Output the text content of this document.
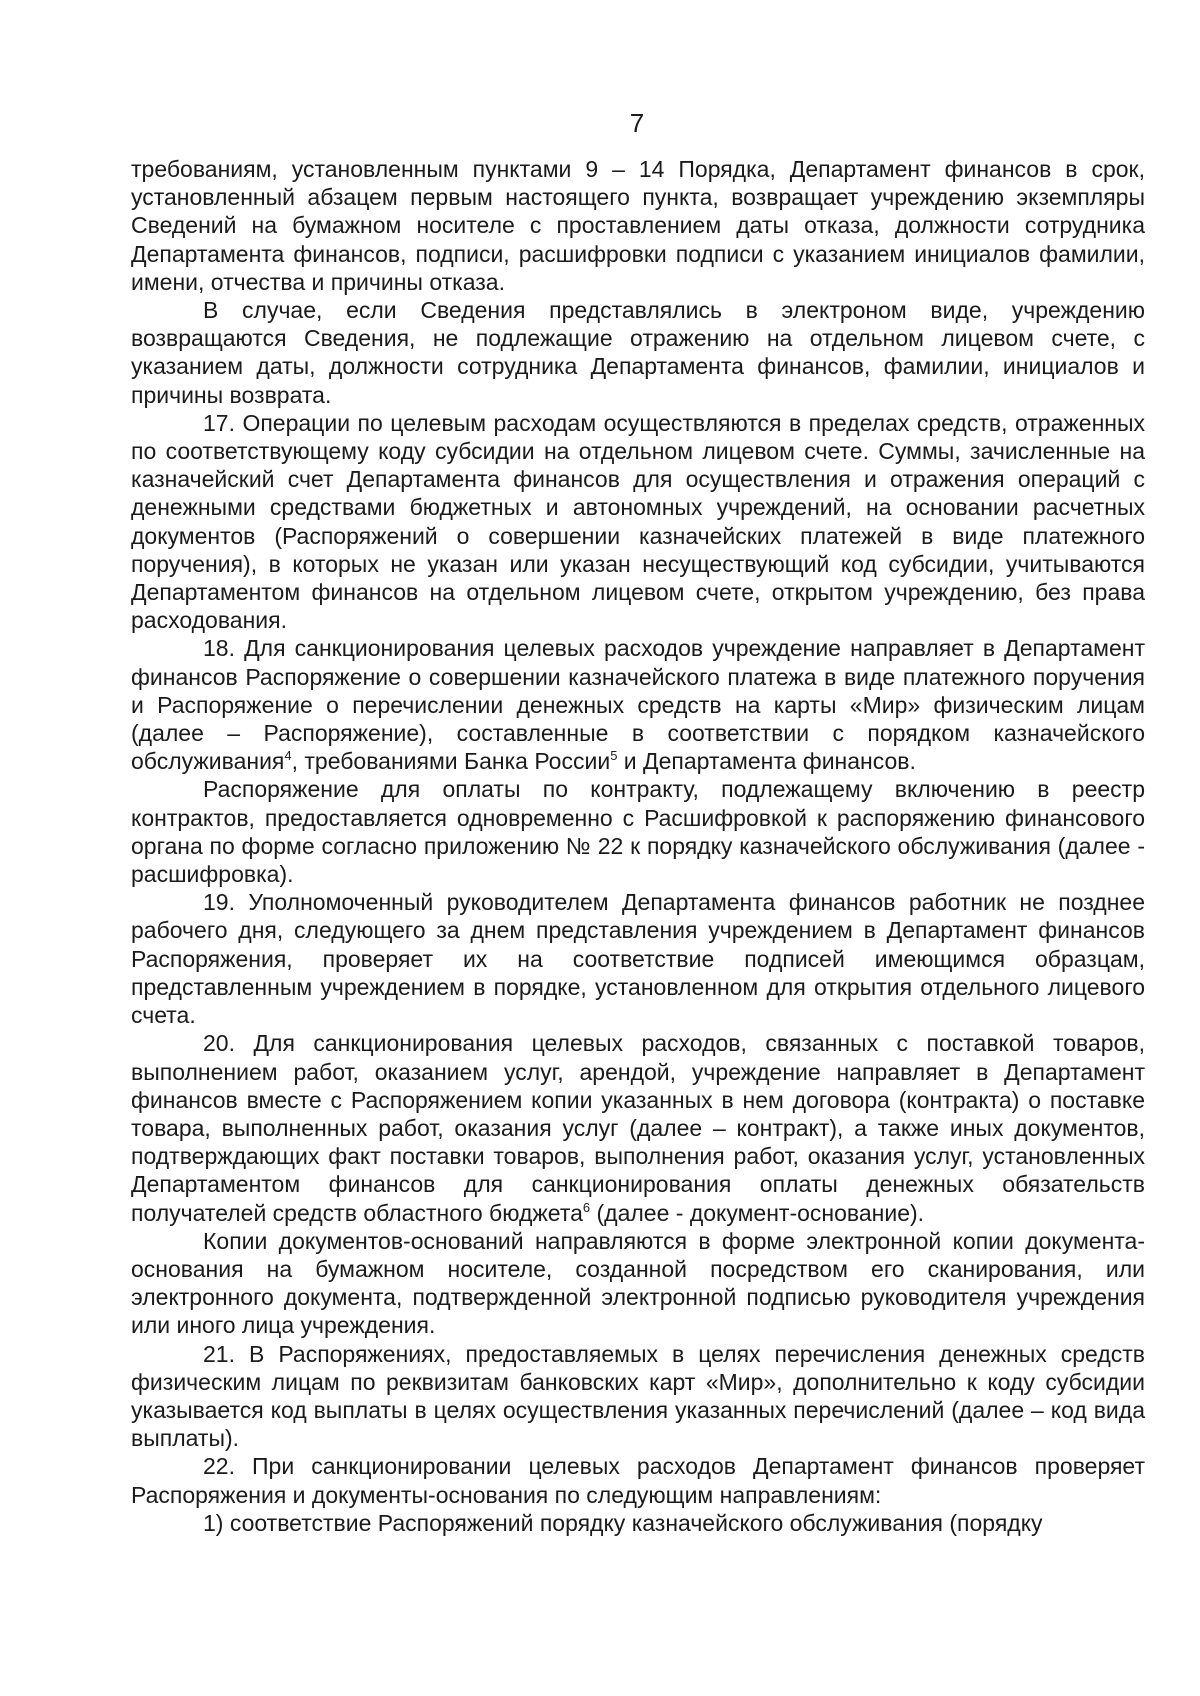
7

требованиям, установленным пунктами 9 – 14 Порядка, Департамент финансов в срок, установленный абзацем первым настоящего пункта, возвращает учреждению экземпляры Сведений на бумажном носителе с проставлением даты отказа, должности сотрудника Департамента финансов, подписи, расшифровки подписи с указанием инициалов фамилии, имени, отчества и причины отказа.

В случае, если Сведения представлялись в электроном виде, учреждению возвращаются Сведения, не подлежащие отражению на отдельном лицевом счете, с указанием даты, должности сотрудника Департамента финансов, фамилии, инициалов и причины возврата.

17. Операции по целевым расходам осуществляются в пределах средств, отраженных по соответствующему коду субсидии на отдельном лицевом счете. Суммы, зачисленные на казначейский счет Департамента финансов для осуществления и отражения операций с денежными средствами бюджетных и автономных учреждений, на основании расчетных документов (Распоряжений о совершении казначейских платежей в виде платежного поручения), в которых не указан или указан несуществующий код субсидии, учитываются Департаментом финансов на отдельном лицевом счете, открытом учреждению, без права расходования.

18. Для санкционирования целевых расходов учреждение направляет в Департамент финансов Распоряжение о совершении казначейского платежа в виде платежного поручения и Распоряжение о перечислении денежных средств на карты «Мир» физическим лицам (далее – Распоряжение), составленные в соответствии с порядком казначейского обслуживания$^4$, требованиями Банка России$^5$ и Департамента финансов.

Распоряжение для оплаты по контракту, подлежащему включению в реестр контрактов, предоставляется одновременно с Расшифровкой к распоряжению финансового органа по форме согласно приложению № 22 к порядку казначейского обслуживания (далее - расшифровка).

19. Уполномоченный руководителем Департамента финансов работник не позднее рабочего дня, следующего за днем представления учреждением в Департамент финансов Распоряжения, проверяет их на соответствие подписей имеющимся образцам, представленным учреждением в порядке, установленном для открытия отдельного лицевого счета.

20. Для санкционирования целевых расходов, связанных с поставкой товаров, выполнением работ, оказанием услуг, арендой, учреждение направляет в Департамент финансов вместе с Распоряжением копии указанных в нем договора (контракта) о поставке товара, выполненных работ, оказания услуг (далее – контракт), а также иных документов, подтверждающих факт поставки товаров, выполнения работ, оказания услуг, установленных Департаментом финансов для санкционирования оплаты денежных обязательств получателей средств областного бюджета$^6$ (далее - документ-основание).

Копии документов-оснований направляются в форме электронной копии документа-основания на бумажном носителе, созданной посредством его сканирования, или электронного документа, подтвержденной электронной подписью руководителя учреждения или иного лица учреждения.

21. В Распоряжениях, предоставляемых в целях перечисления денежных средств физическим лицам по реквизитам банковских карт «Мир», дополнительно к коду субсидии указывается код выплаты в целях осуществления указанных перечислений (далее – код вида выплаты).

22. При санкционировании целевых расходов Департамент финансов проверяет Распоряжения и документы-основания по следующим направлениям:

1) соответствие Распоряжений порядку казначейского обслуживания (порядку
